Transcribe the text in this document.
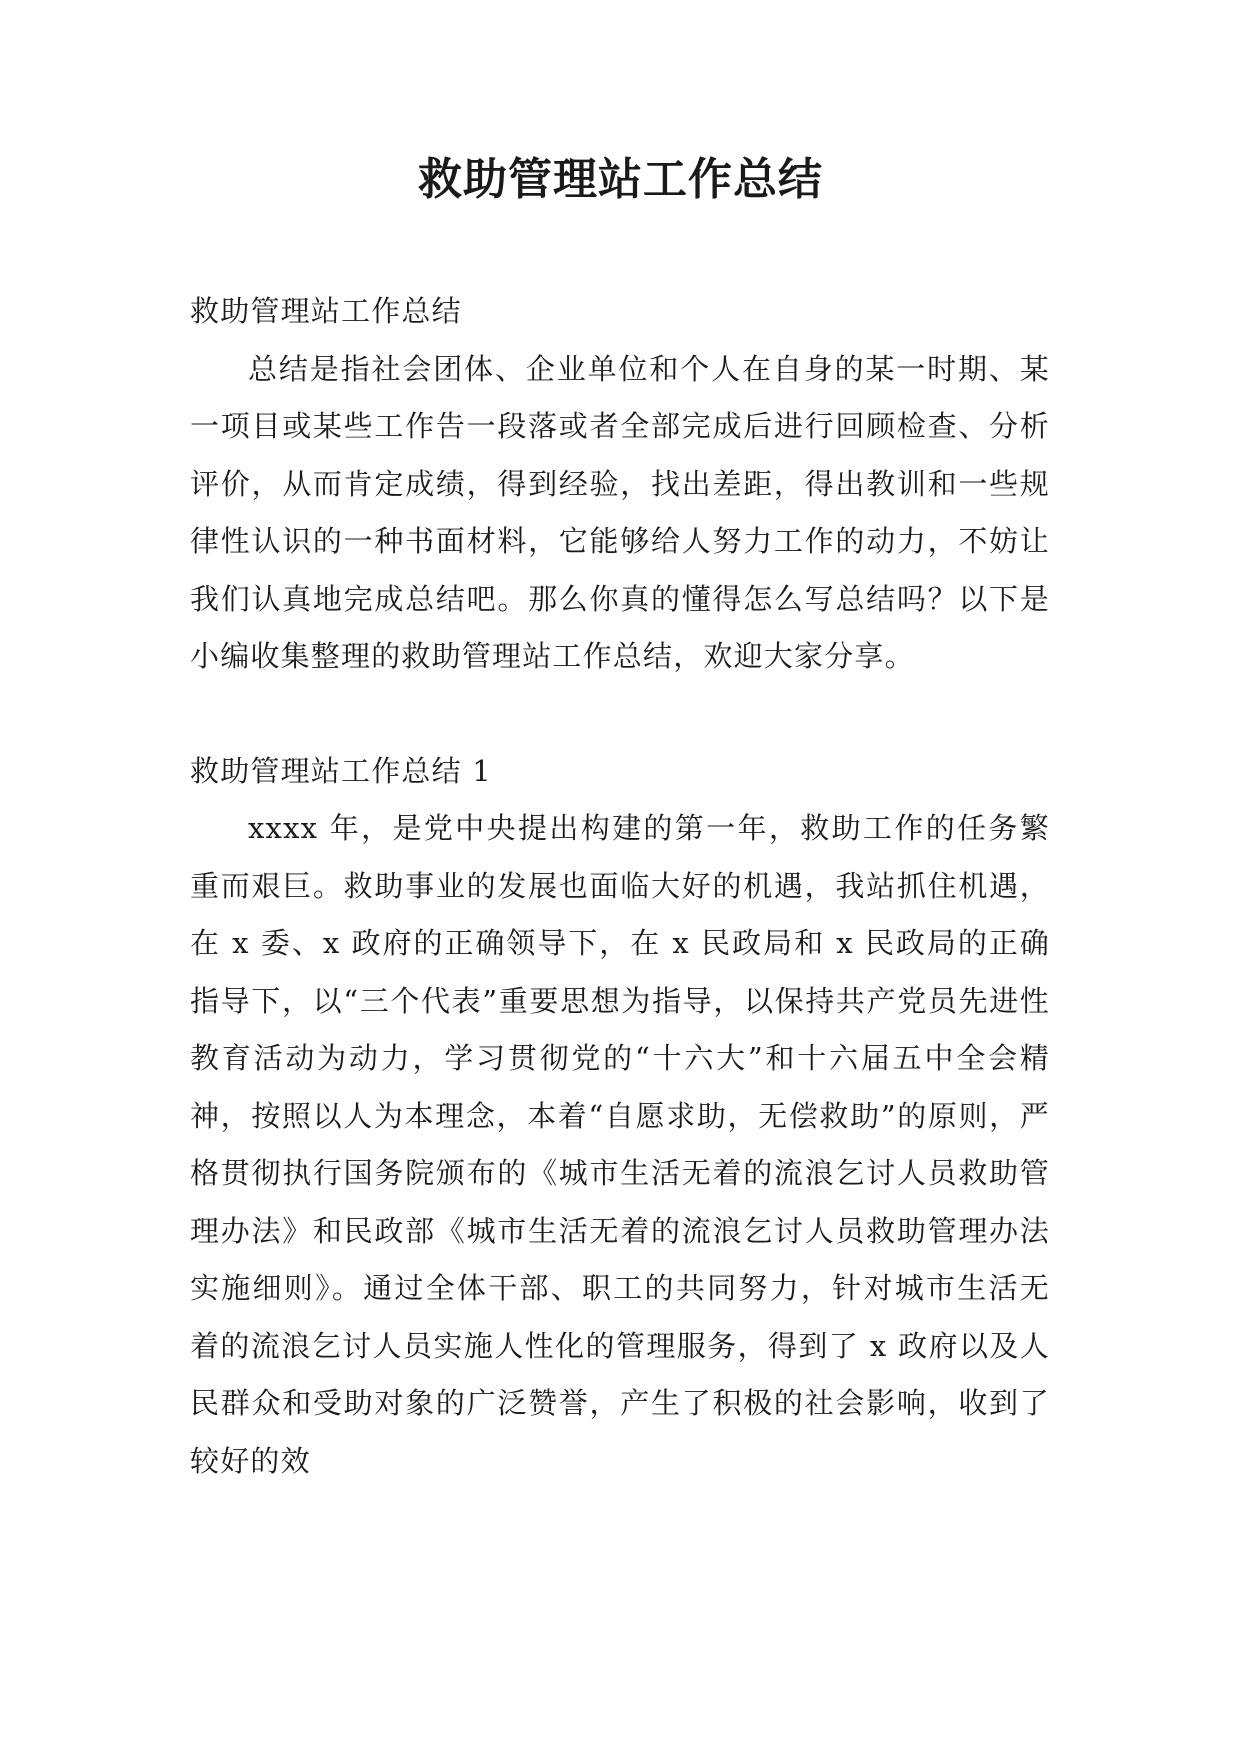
救助管理站工作总结

救助管理站工作总结

总结是指社会团体、企业单位和个人在自身的某一时期、某一项目或某些工作告一段落或者全部完成后进行回顾检查、分析评价，从而肯定成绩，得到经验，找出差距，得出教训和一些规律性认识的一种书面材料，它能够给人努力工作的动力，不妨让我们认真地完成总结吧。那么你真的懂得怎么写总结吗？以下是小编收集整理的救助管理站工作总结，欢迎大家分享。

救助管理站工作总结 1

xxxx 年，是党中央提出构建的第一年，救助工作的任务繁重而艰巨。救助事业的发展也面临大好的机遇，我站抓住机遇，在 x 委、x 政府的正确领导下，在 x 民政局和 x 民政局的正确指导下，以“三个代表”重要思想为指导，以保持共产党员先进性教育活动为动力，学习贯彻党的“十六大”和十六届五中全会精神，按照以人为本理念，本着“自愿求助，无偿救助”的原则，严格贯彻执行国务院颁布的《城市生活无着的流浪乞讨人员救助管理办法》和民政部《城市生活无着的流浪乞讨人员救助管理办法实施细则》。通过全体干部、职工的共同努力，针对城市生活无着的流浪乞讨人员实施人性化的管理服务，得到了 x 政府以及人民群众和受助对象的广泛赞誉，产生了积极的社会影响，收到了较好的效
